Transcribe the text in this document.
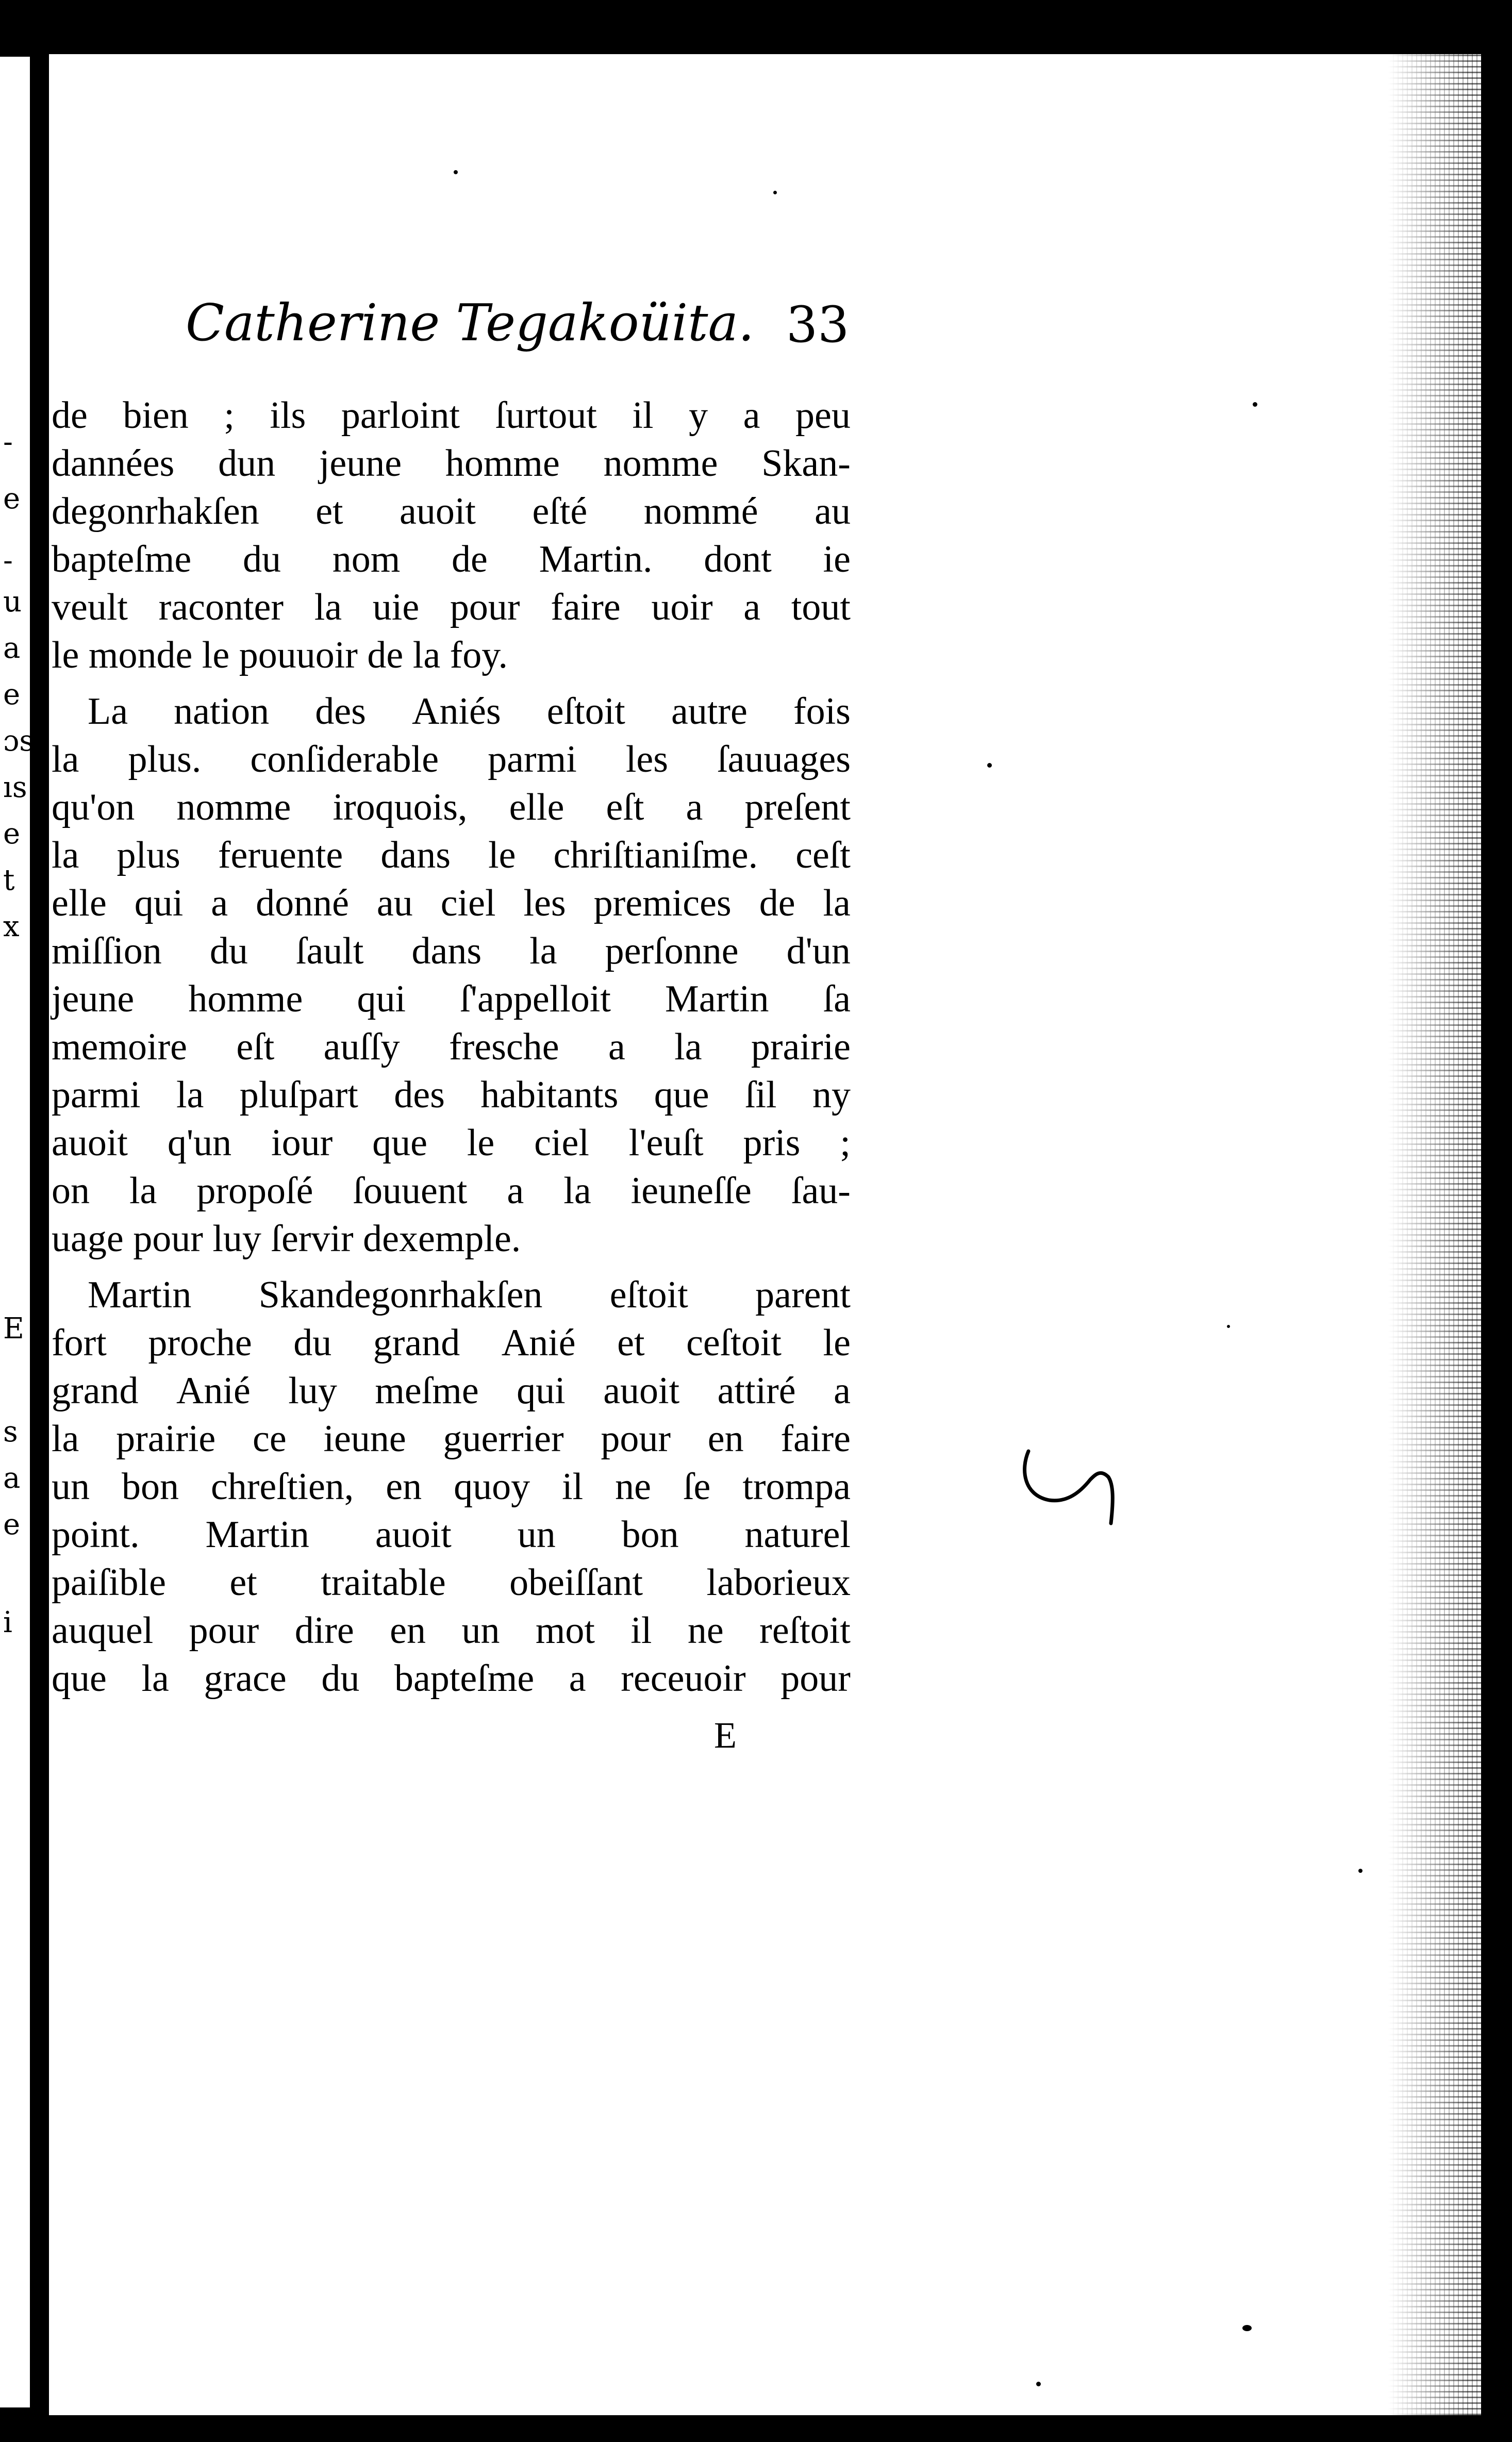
-
e
-
u
a
e
ɔs
ıs
e
t
x
E
s
a
e
i
Catherine Tegakoüita. 33
de bien ; ils parloint ſurtout il y a peu
dannées dun jeune homme nomme Skan-
degonrhakſen et auoit eſté nommé au
bapteſme du nom de Martin. dont ie
veult raconter la uie pour faire uoir a tout
le monde le pouuoir de la foy.
La nation des Aniés eſtoit autre fois
la plus. conſiderable parmi les ſauuages
qu'on nomme iroquois, elle eſt a preſent
la plus feruente dans le chriſtianiſme. ceſt
elle qui a donné au ciel les premices de la
miſſion du ſault dans la perſonne d'un
jeune homme qui ſ'appelloit Martin ſa
memoire eſt auſſy fresche a la prairie
parmi la pluſpart des habitants que ſil ny
auoit q'un iour que le ciel l'euſt pris ;
on la propoſé ſouuent a la ieuneſſe ſau-
uage pour luy ſervir dexemple.
Martin Skandegonrhakſen eſtoit parent
fort proche du grand Anié et ceſtoit le
grand Anié luy meſme qui auoit attiré a
la prairie ce ieune guerrier pour en faire
un bon chreſtien, en quoy il ne ſe trompa
point. Martin auoit un bon naturel
paiſible et traitable obeiſſant laborieux
auquel pour dire en un mot il ne reſtoit
que la grace du bapteſme a receuoir pour
E
